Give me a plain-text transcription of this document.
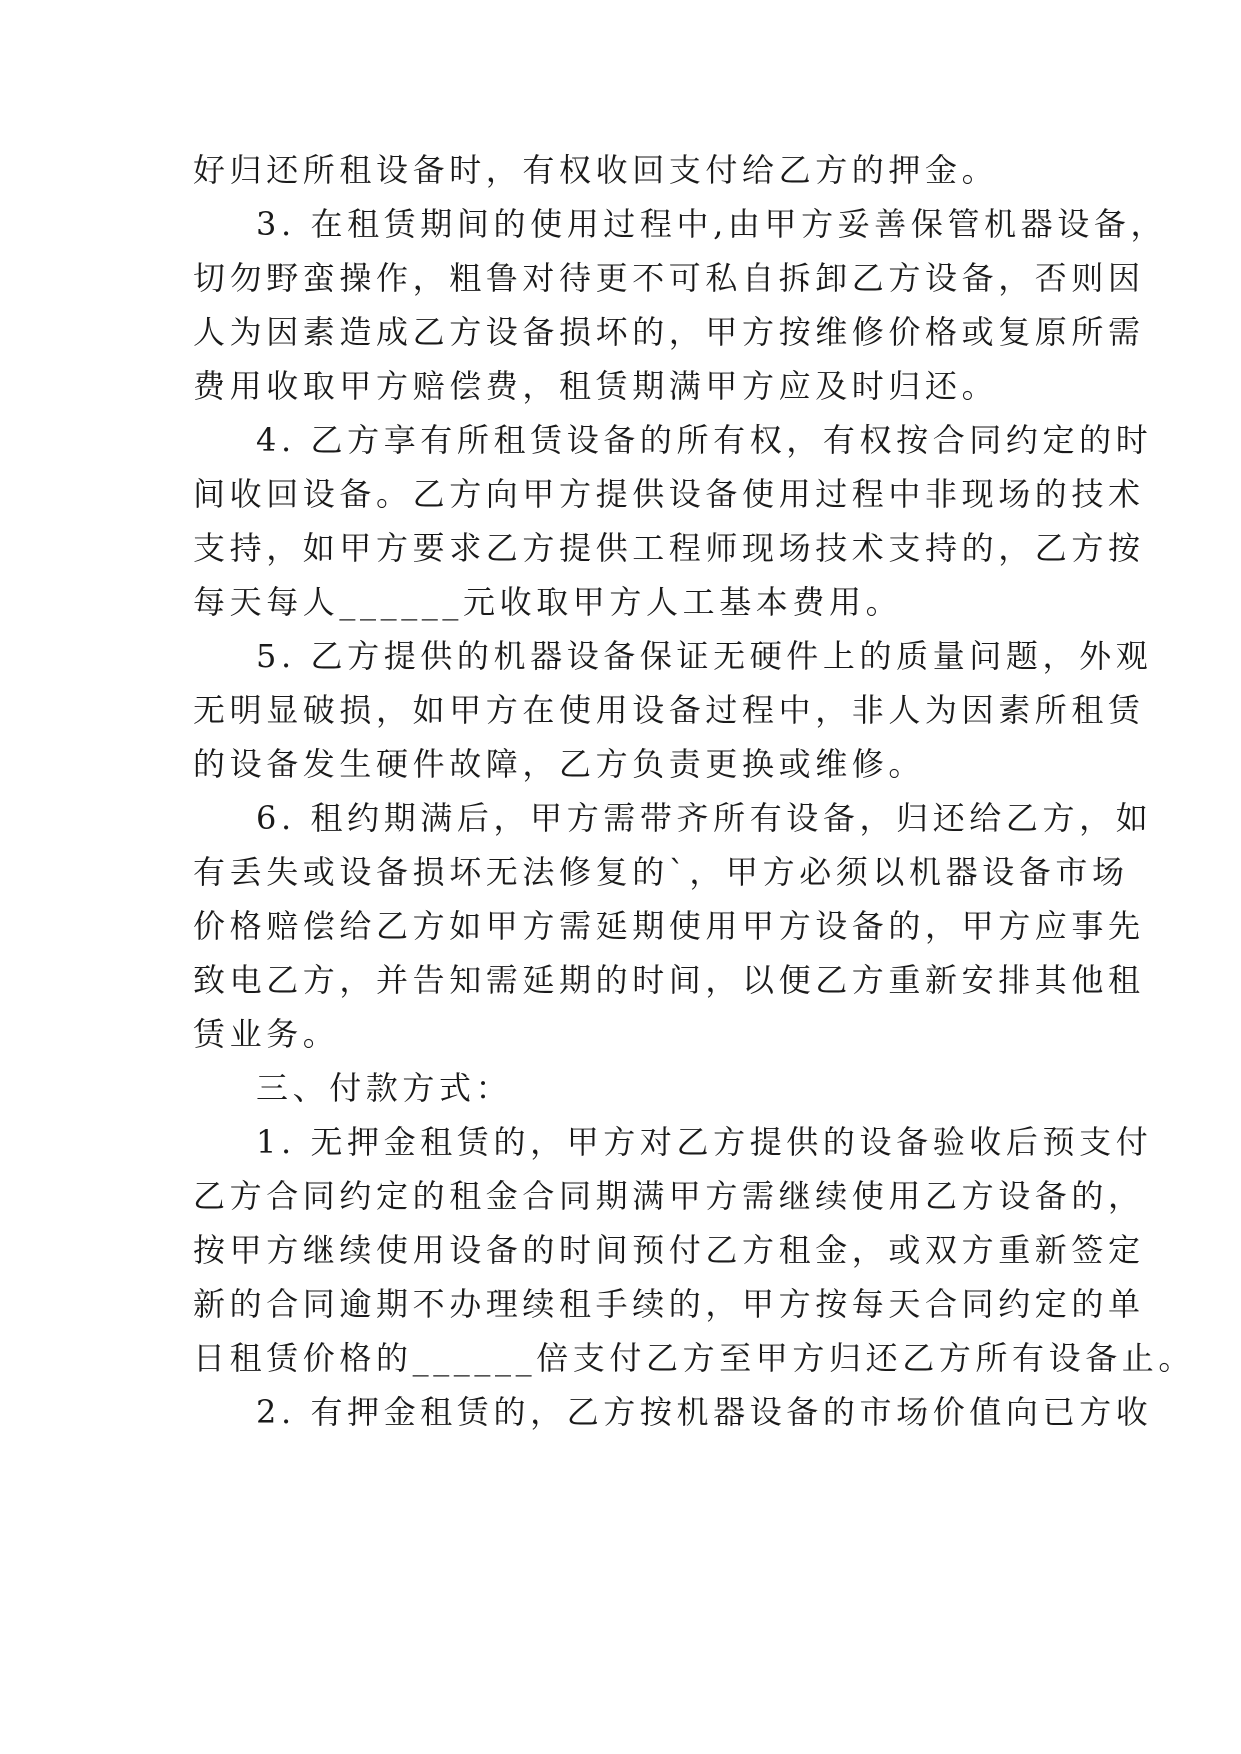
好归还所租设备时，有权收回支付给乙方的押金。
3. 在租赁期间的使用过程中,由甲方妥善保管机器设备，
切勿野蛮操作，粗鲁对待更不可私自拆卸乙方设备，否则因
人为因素造成乙方设备损坏的，甲方按维修价格或复原所需
费用收取甲方赔偿费，租赁期满甲方应及时归还。
4. 乙方享有所租赁设备的所有权，有权按合同约定的时
间收回设备。乙方向甲方提供设备使用过程中非现场的技术
支持，如甲方要求乙方提供工程师现场技术支持的，乙方按
每天每人______元收取甲方人工基本费用。
5. 乙方提供的机器设备保证无硬件上的质量问题，外观
无明显破损，如甲方在使用设备过程中，非人为因素所租赁
的设备发生硬件故障，乙方负责更换或维修。
6. 租约期满后，甲方需带齐所有设备，归还给乙方，如
有丢失或设备损坏无法修复的`，甲方必须以机器设备市场
价格赔偿给乙方如甲方需延期使用甲方设备的，甲方应事先
致电乙方，并告知需延期的时间，以便乙方重新安排其他租
赁业务。
三、付款方式：
1. 无押金租赁的，甲方对乙方提供的设备验收后预支付
乙方合同约定的租金合同期满甲方需继续使用乙方设备的，
按甲方继续使用设备的时间预付乙方租金，或双方重新签定
新的合同逾期不办理续租手续的，甲方按每天合同约定的单
日租赁价格的______倍支付乙方至甲方归还乙方所有设备止。
2. 有押金租赁的，乙方按机器设备的市场价值向已方收
